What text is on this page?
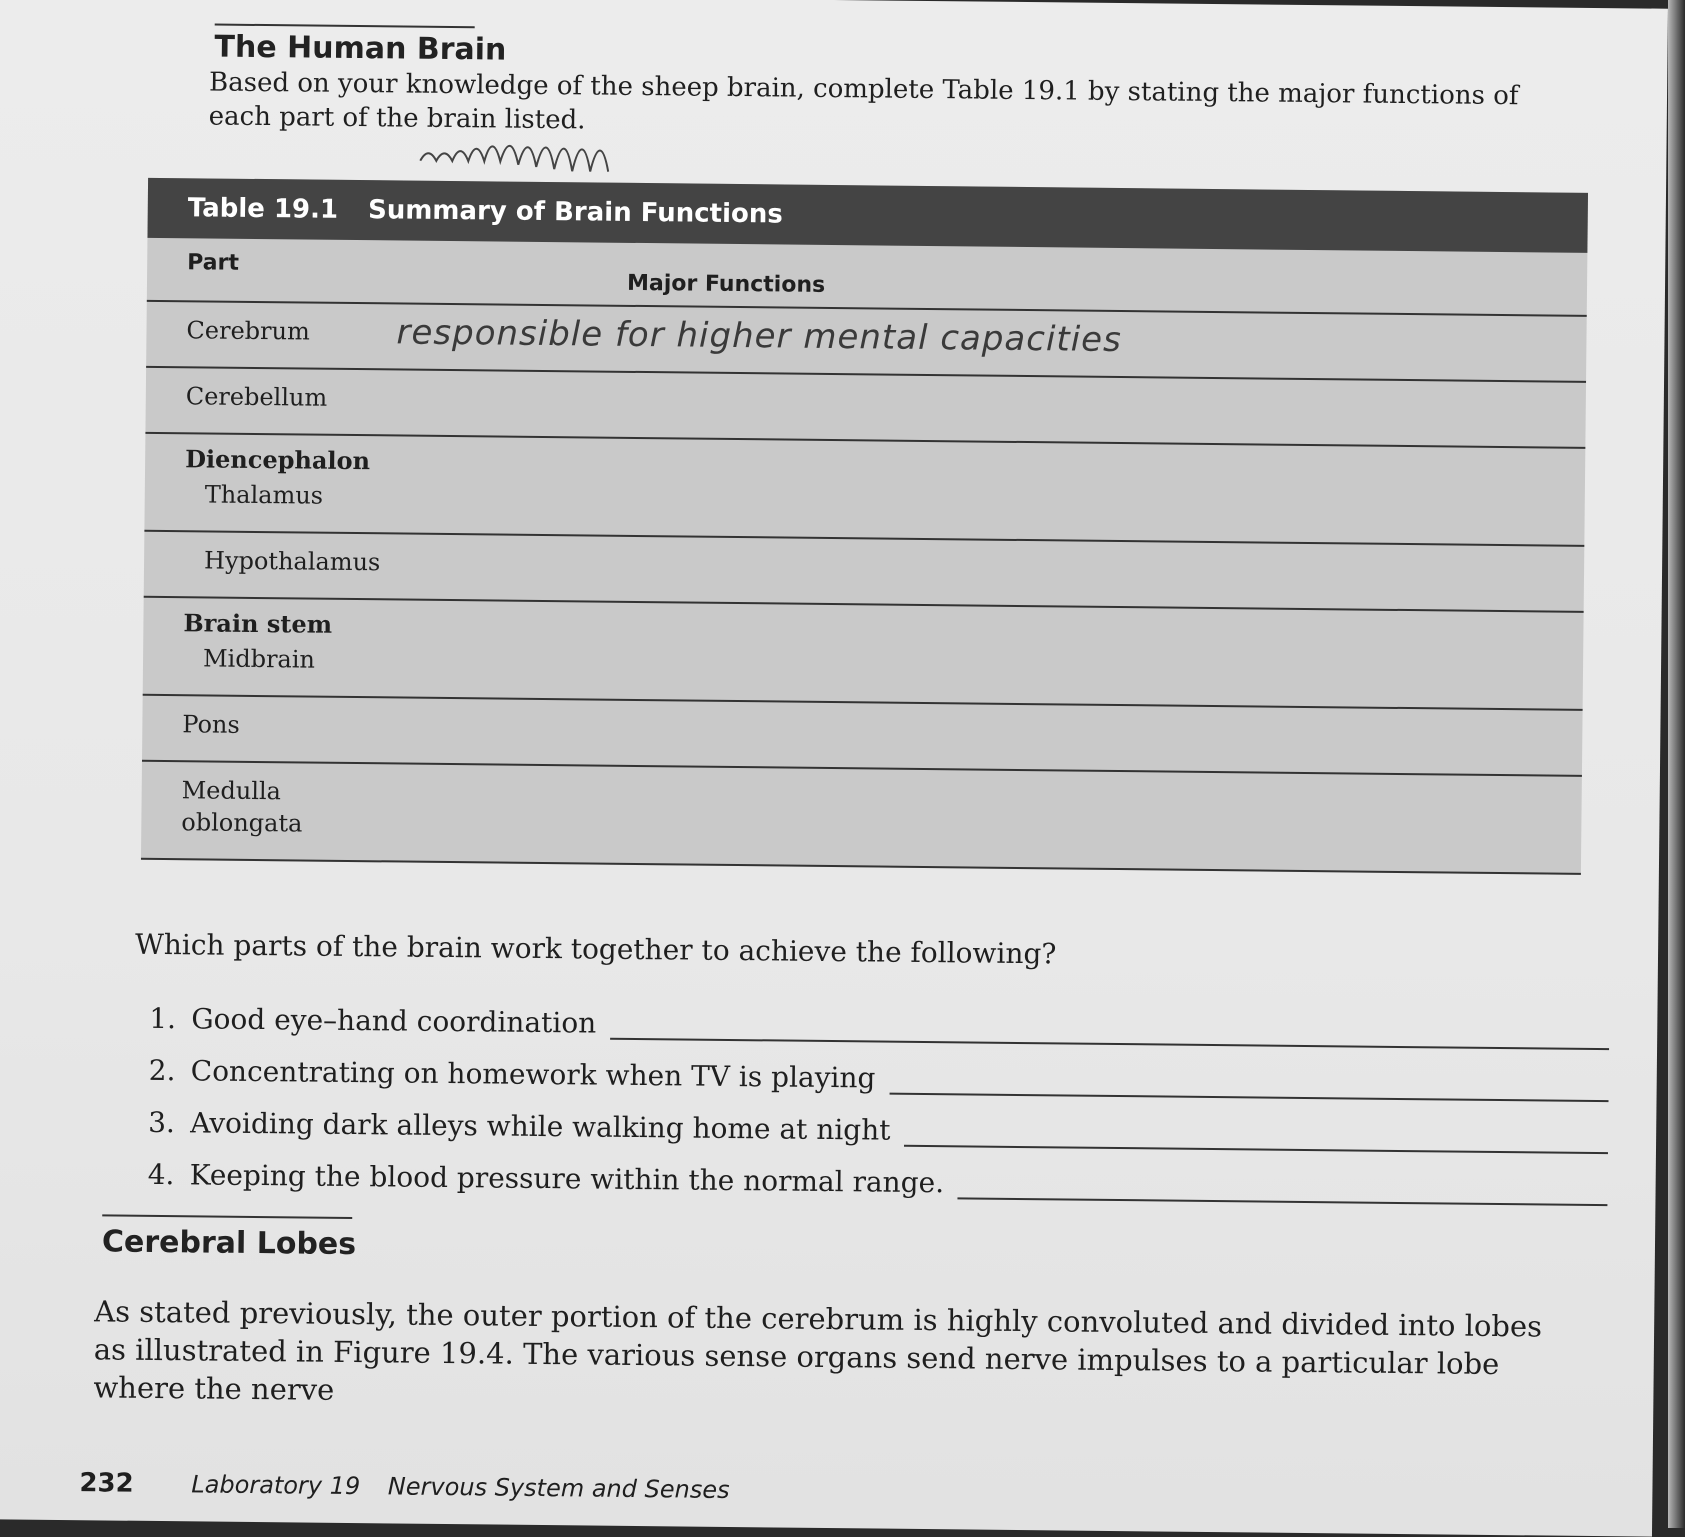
The Human Brain
Based on your knowledge of the sheep brain, complete Table 19.1 by stating the major functions of each part of the brain listed.
Table 19.1 Summary of Brain Functions
Part
Major Functions
Cerebrum	responsible for higher mental capacities
Cerebellum
Diencephalon
Thalamus
Hypothalamus
Brain stem
Midbrain
Pons
Medulla oblongata
Which parts of the brain work together to achieve the following?
1. Good eye–hand coordination
2. Concentrating on homework when TV is playing
3. Avoiding dark alleys while walking home at night
4. Keeping the blood pressure within the normal range.
Cerebral Lobes
As stated previously, the outer portion of the cerebrum is highly convoluted and divided into lobes as illustrated in Figure 19.4. The various sense organs send nerve impulses to a particular lobe where the nerve
232 Laboratory 19 Nervous System and Senses
